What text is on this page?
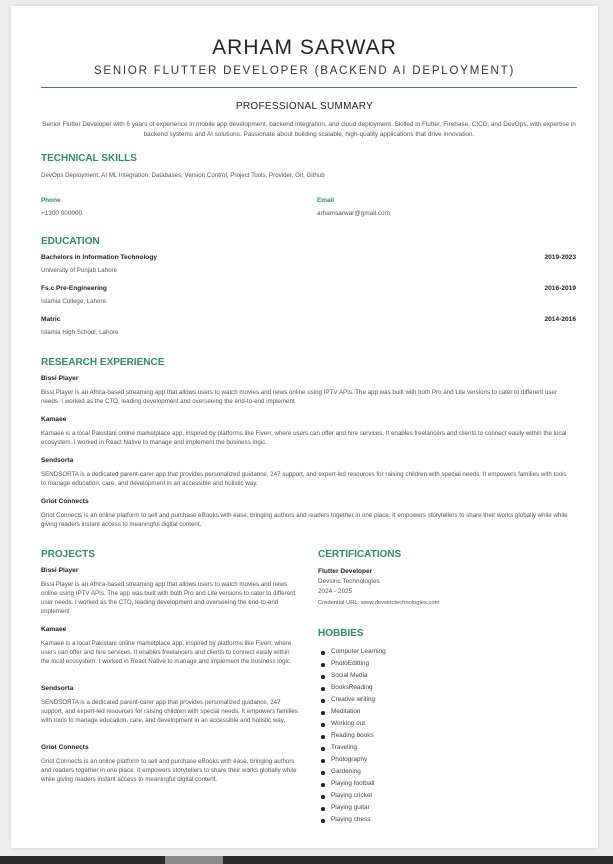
ARHAM SARWAR
SENIOR FLUTTER DEVELOPER (BACKEND AI DEPLOYMENT)
PROFESSIONAL SUMMARY
Senior Flutter Developer with 6 years of experience in mobile app development, backend integration, and cloud deployment. Skilled in Flutter, Firebase, CICD, and DevOps, with expertise in backend systems and AI solutions. Passionate about building scalable, high-quality applications that drive innovation.
TECHNICAL SKILLS
DevOps Deployment, AI ML Integration, Databases, Version Control, Project Tools, Provider, Git, Github
Phone
+1300 000000
Email
arhamsarwar@gmail.com
EDUCATION
Bachelors in Information Technology	2019-2023
University of Punjab Lahore
Fs.c Pre-Engineering	2016-2019
Islamia College, Lahore
Matric	2014-2016
Islamia High School, Lahore
RESEARCH EXPERIENCE
Bissi Player
Bissi Player is an Africa-based streaming app that allows users to watch movies and news online using IPTV APIs. The app was built with both Pro and Lite versions to cater to different user needs. I worked as the CTO, leading development and overseeing the end-to-end implement
Kamaee
Kamaee is a local Pakistani online marketplace app, inspired by platforms like Fiverr, where users can offer and hire services. It enables freelancers and clients to connect easily within the local ecosystem. I worked in React Native to manage and implement the business logic.
Sendsorta
SENDSORTA is a dedicated parent-carer app that provides personalized guidance, 247 support, and expert-led resources for raising children with special needs. It empowers families with tools to manage education, care, and development in an accessible and holistic way.
Griot Connects
Griot Connects is an online platform to sell and purchase eBooks with ease, bringing authors and readers together in one place. It empowers storytellers to share their works globally while while giving readers instant access to meaningful digital content.
PROJECTS
Bissi Player
Bissi Player is an Africa-based streaming app that allows users to watch movies and news online using IPTV APIs. The app was built with both Pro and Lite versions to cater to different user needs. I worked as the CTO, leading development and overseeing the end-to-end implement
Kamaee
Kamaee is a local Pakistani online marketplace app, inspired by platforms like Fiverr, where users can offer and hire services. It enables freelancers and clients to connect easily within the local ecosystem. I worked in React Native to manage and implement the business logic.
Sendsorta
SENDSORTA is a dedicated parent-carer app that provides personalized guidance, 247 support, and expert-led resources for raising children with special needs. It empowers families with tools to manage education, care, and development in an accessible and holistic way.
Griot Connects
Griot Connects is an online platform to sell and purchase eBooks with ease, bringing authors and readers together in one place. It empowers storytellers to share their works globally while while giving readers instant access to meaningful digital content.
CERTIFICATIONS
Flutter Developer
Devsinc Technologies
2024 - 2025
Credential URL: www.devsinctechnologies.com
HOBBIES
Computer Learning
PhotoEditting
Social Media
BooksReading
Creative writing
Meditation
Working out
Reading books
Traveling
Photography
Gardening
Playing football
Playing cricket
Playing guitar
Playing chess
